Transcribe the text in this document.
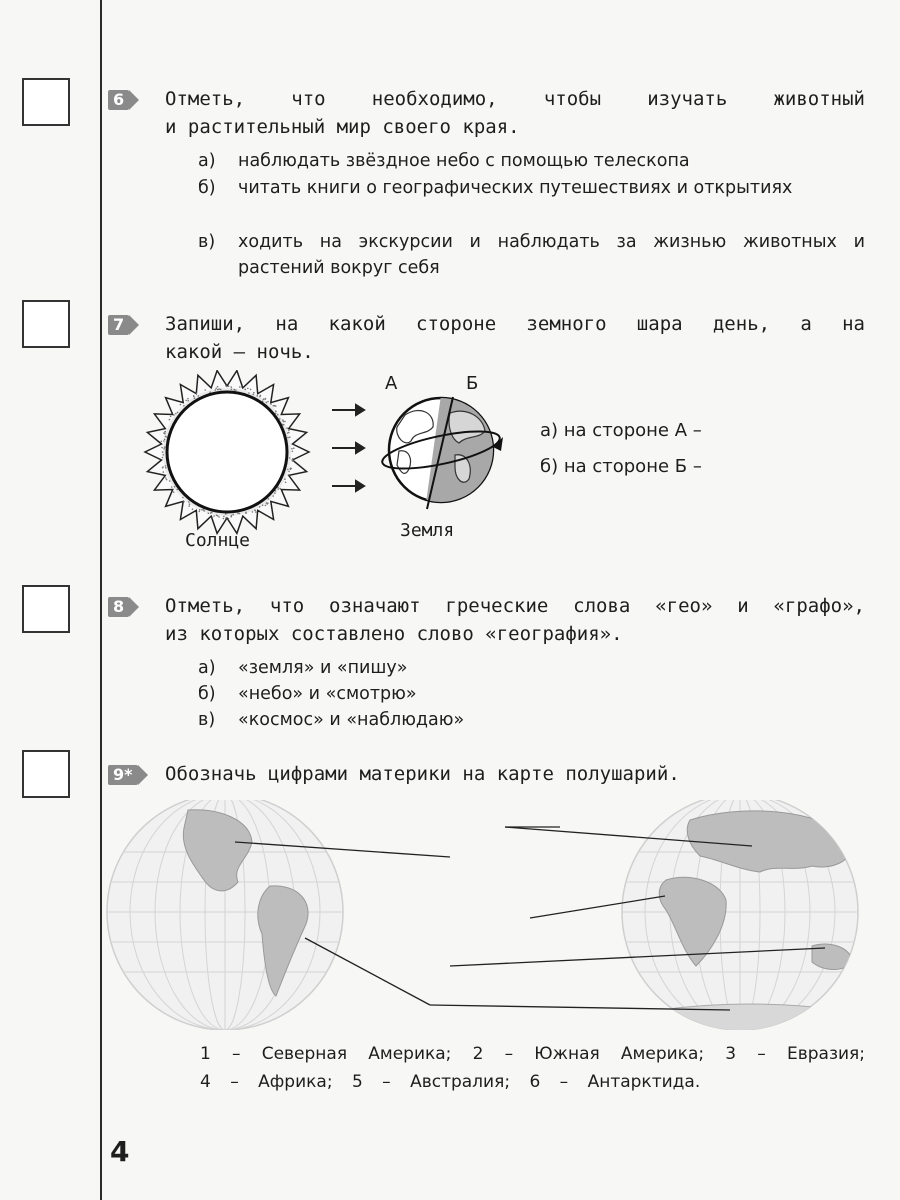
6 Отметь, что необходимо, чтобы изучать животный
и растительный мир своего края.
а) наблюдать звёздное небо с помощью телескопа
б) читать книги о географических путешествиях и открытиях
в) ходить на экскурсии и наблюдать за жизнью животных и растений вокруг себя
7 Запиши, на какой стороне земного шара день, а на
какой – ночь.
Солнце
А	Б
Земля
а) на стороне А –
б) на стороне Б –
8 Отметь, что означают греческие слова «гео» и «графо»,
из которых составлено слово «география».
а) «земля» и «пишу»
б) «небо» и «смотрю»
в) «космос» и «наблюдаю»
9* Обозначь цифрами материки на карте полушарий.
1 – Северная Америка; 2 – Южная Америка; 3 – Евразия;
4 – Африка; 5 – Австралия; 6 – Антарктида.
4
